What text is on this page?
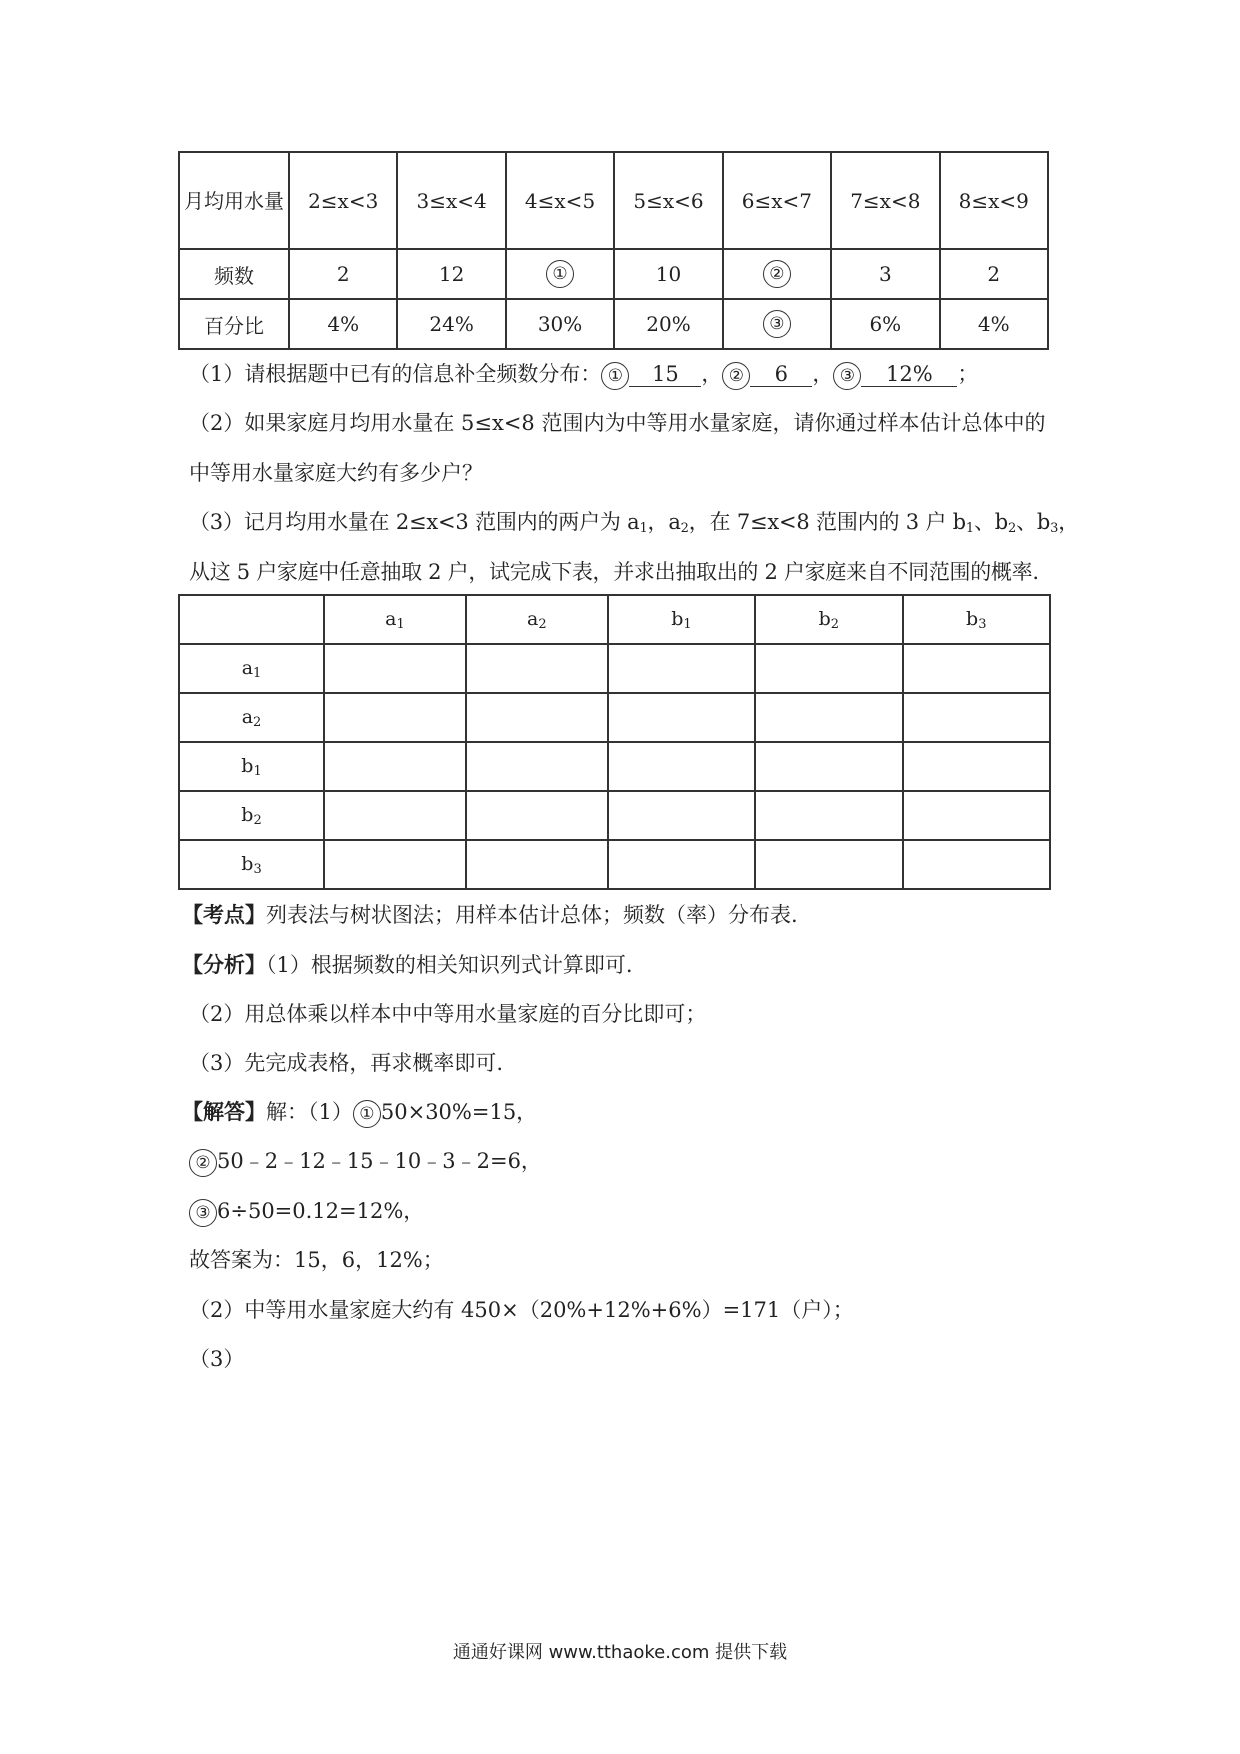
月均用水量	2≤x<3	3≤x<4	4≤x<5	5≤x<6	6≤x<7	7≤x<8	8≤x<9
频数	2	12	①	10	②	3	2
百分比	4%	24%	30%	20%	③	6%	4%
（1）请根据题中已有的信息补全频数分布： ① 15 ， ② 6 ， ③ 12% ；
（2）如果家庭月均用水量在 5≤x<8 范围内为中等用水量家庭，请你通过样本估计总体中的
中等用水量家庭大约有多少户？
（3）记月均用水量在 2≤x<3 范围内的两户为 $a_1$，$a_2$，在 7≤x<8 范围内的 3 户 $b_1$、$b_2$、$b_3$，
从这 5 户家庭中任意抽取 2 户，试完成下表，并求出抽取出的 2 户家庭来自不同范围的概率.
	$a_1$	$a_2$	$b_1$	$b_2$	$b_3$
$a_1$					
$a_2$					
$b_1$					
$b_2$					
$b_3$					
【考点】列表法与树状图法；用样本估计总体；频数（率）分布表.
【分析】（1）根据频数的相关知识列式计算即可.
（2）用总体乘以样本中中等用水量家庭的百分比即可；
（3）先完成表格，再求概率即可.
【解答】解：（1） ① 50×30%=15，
② 50﹣2﹣12﹣15﹣10﹣3﹣2=6，
③ 6÷50=0.12=12%，
故答案为：15，6，12%；
（2）中等用水量家庭大约有 450×（20%+12%+6%）=171（户）；
（3）
通通好课网 www.tthaoke.com 提供下载
